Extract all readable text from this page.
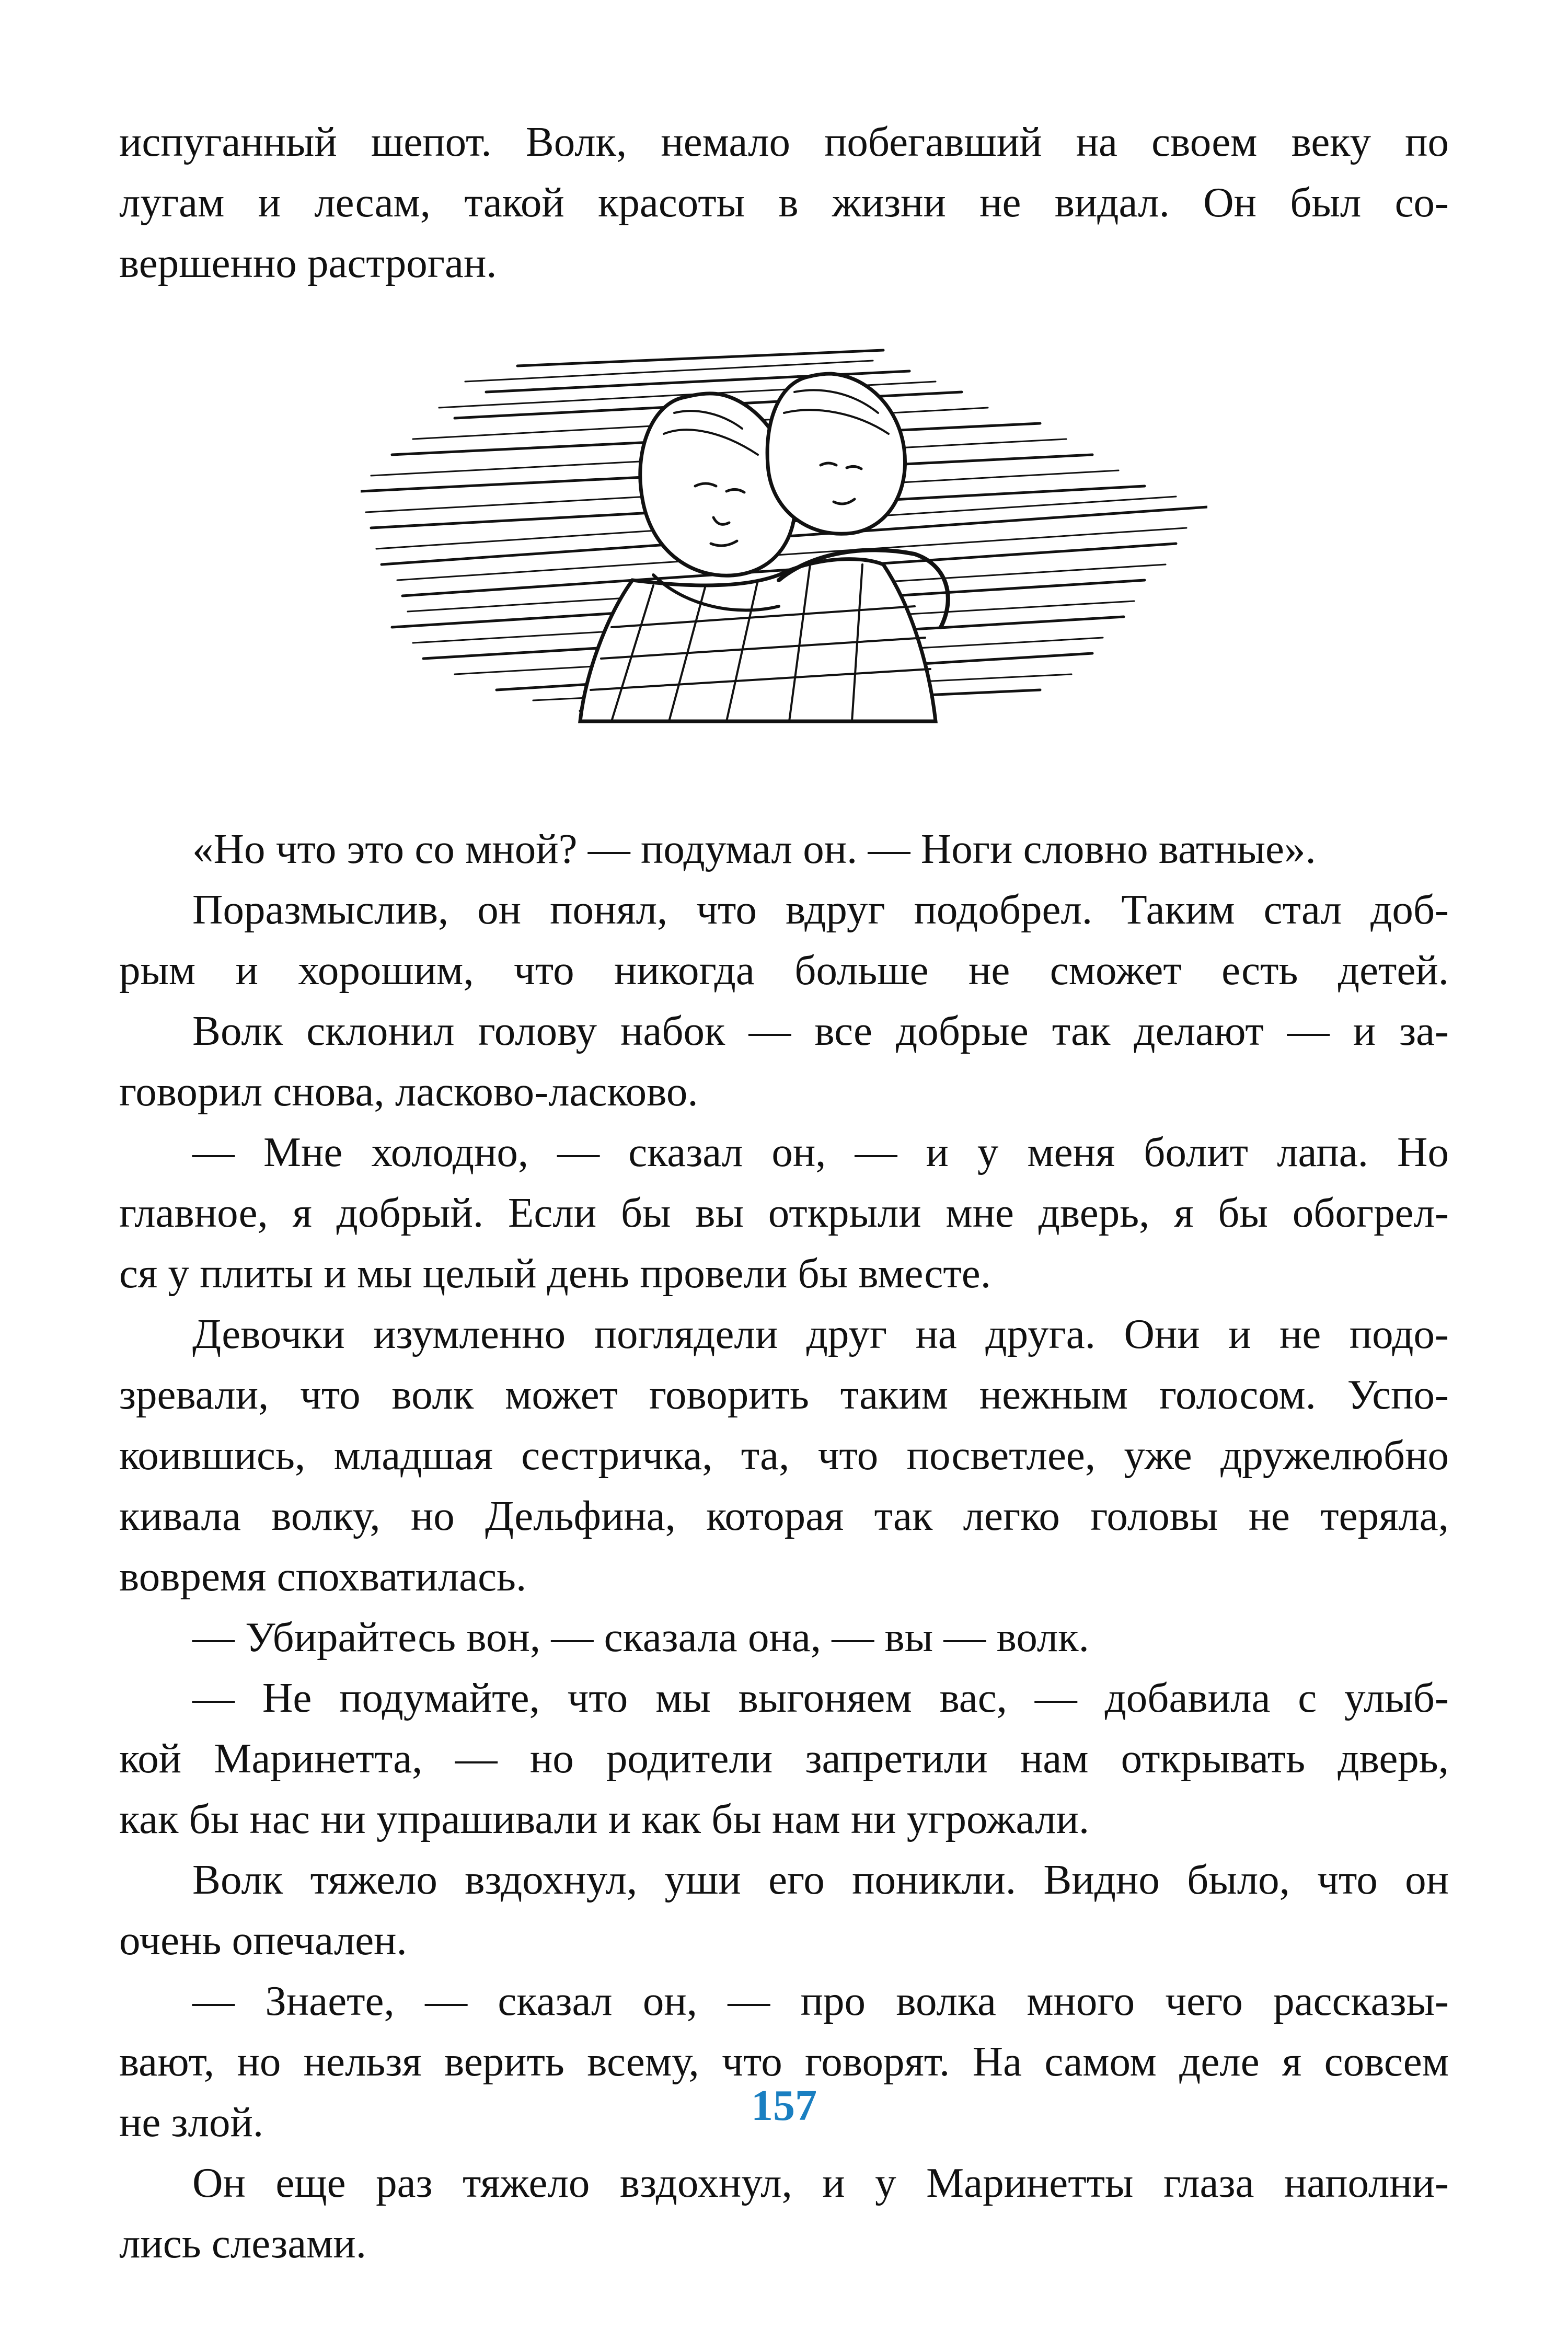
испуганный шепот. Волк, немало побегавший на своем веку по
лугам и лесам, такой красоты в жизни не видал. Он был со-
вершенно растроган.
«Но что это со мной? — подумал он. — Ноги словно ватные».
Поразмыслив, он понял, что вдруг подобрел. Таким стал доб-
рым и хорошим, что никогда больше не сможет есть детей.
Волк склонил голову набок — все добрые так делают — и за-
говорил снова, ласково-ласково.
— Мне холодно, — сказал он, — и у меня болит лапа. Но
главное, я добрый. Если бы вы открыли мне дверь, я бы обогрел-
ся у плиты и мы целый день провели бы вместе.
Девочки изумленно поглядели друг на друга. Они и не подо-
зревали, что волк может говорить таким нежным голосом. Успо-
коившись, младшая сестричка, та, что посветлее, уже дружелюбно
кивала волку, но Дельфина, которая так легко головы не теряла,
вовремя спохватилась.
— Убирайтесь вон, — сказала она, — вы — волк.
— Не подумайте, что мы выгоняем вас, — добавила с улыб-
кой Маринетта, — но родители запретили нам открывать дверь,
как бы нас ни упрашивали и как бы нам ни угрожали.
Волк тяжело вздохнул, уши его поникли. Видно было, что он
очень опечален.
— Знаете, — сказал он, — про волка много чего рассказы-
вают, но нельзя верить всему, что говорят. На самом деле я совсем
не злой.
Он еще раз тяжело вздохнул, и у Маринетты глаза наполни-
лись слезами.
157
